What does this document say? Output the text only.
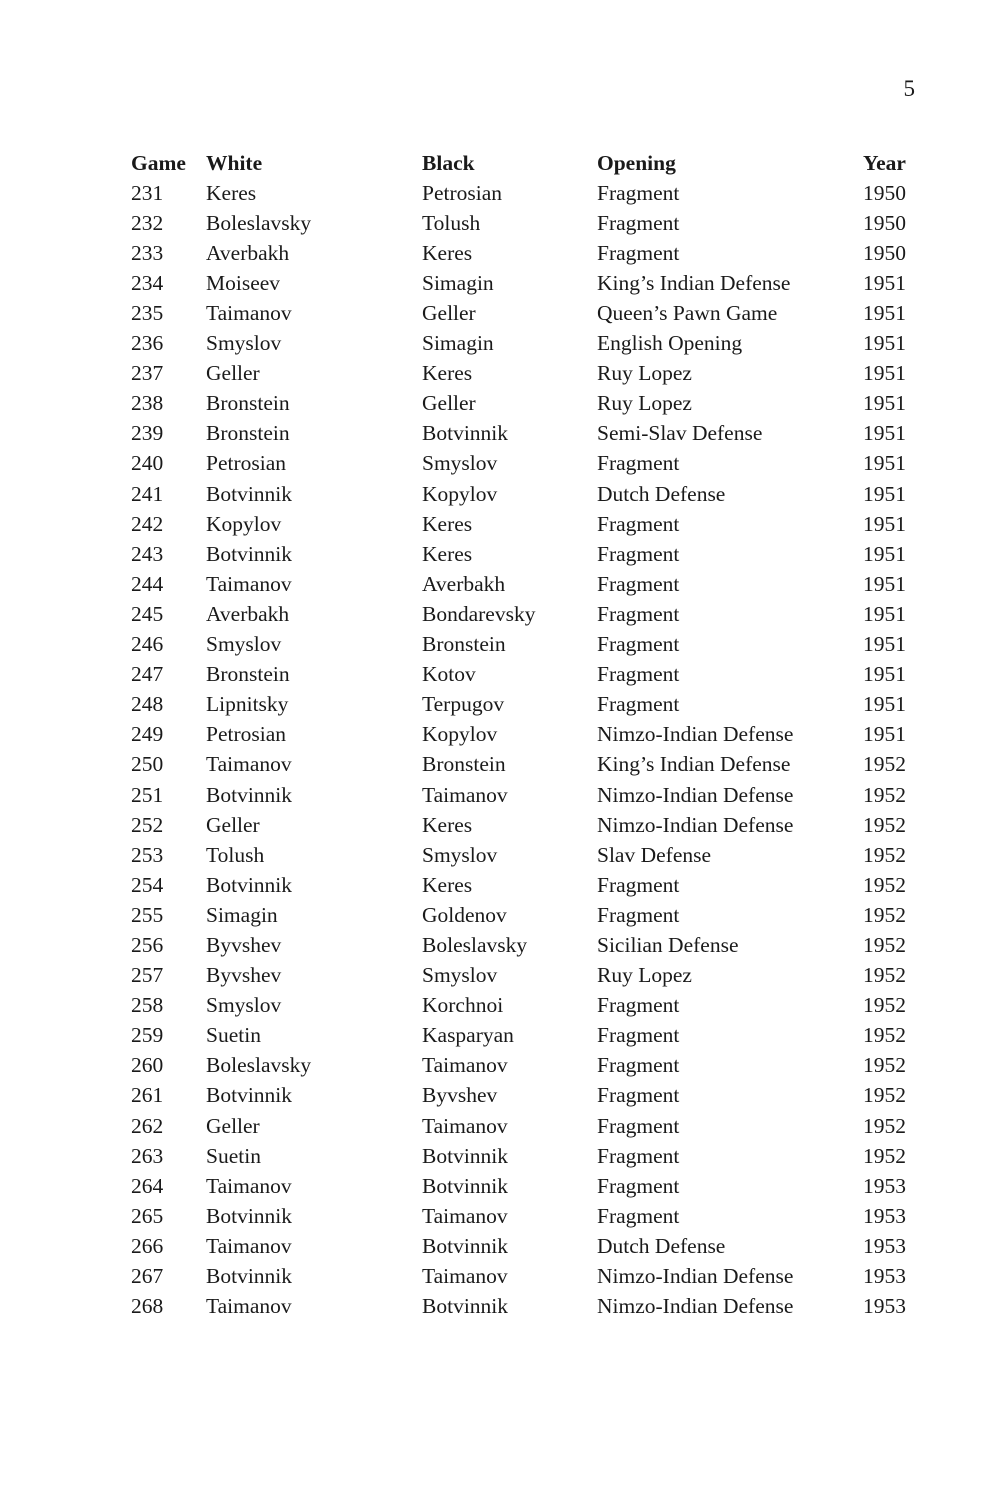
5
Game	White	Black	Opening	Year
231	Keres	Petrosian	Fragment	1950
232	Boleslavsky	Tolush	Fragment	1950
233	Averbakh	Keres	Fragment	1950
234	Moiseev	Simagin	King’s Indian Defense	1951
235	Taimanov	Geller	Queen’s Pawn Game	1951
236	Smyslov	Simagin	English Opening	1951
237	Geller	Keres	Ruy Lopez	1951
238	Bronstein	Geller	Ruy Lopez	1951
239	Bronstein	Botvinnik	Semi-Slav Defense	1951
240	Petrosian	Smyslov	Fragment	1951
241	Botvinnik	Kopylov	Dutch Defense	1951
242	Kopylov	Keres	Fragment	1951
243	Botvinnik	Keres	Fragment	1951
244	Taimanov	Averbakh	Fragment	1951
245	Averbakh	Bondarevsky	Fragment	1951
246	Smyslov	Bronstein	Fragment	1951
247	Bronstein	Kotov	Fragment	1951
248	Lipnitsky	Terpugov	Fragment	1951
249	Petrosian	Kopylov	Nimzo-Indian Defense	1951
250	Taimanov	Bronstein	King’s Indian Defense	1952
251	Botvinnik	Taimanov	Nimzo-Indian Defense	1952
252	Geller	Keres	Nimzo-Indian Defense	1952
253	Tolush	Smyslov	Slav Defense	1952
254	Botvinnik	Keres	Fragment	1952
255	Simagin	Goldenov	Fragment	1952
256	Byvshev	Boleslavsky	Sicilian Defense	1952
257	Byvshev	Smyslov	Ruy Lopez	1952
258	Smyslov	Korchnoi	Fragment	1952
259	Suetin	Kasparyan	Fragment	1952
260	Boleslavsky	Taimanov	Fragment	1952
261	Botvinnik	Byvshev	Fragment	1952
262	Geller	Taimanov	Fragment	1952
263	Suetin	Botvinnik	Fragment	1952
264	Taimanov	Botvinnik	Fragment	1953
265	Botvinnik	Taimanov	Fragment	1953
266	Taimanov	Botvinnik	Dutch Defense	1953
267	Botvinnik	Taimanov	Nimzo-Indian Defense	1953
268	Taimanov	Botvinnik	Nimzo-Indian Defense	1953
